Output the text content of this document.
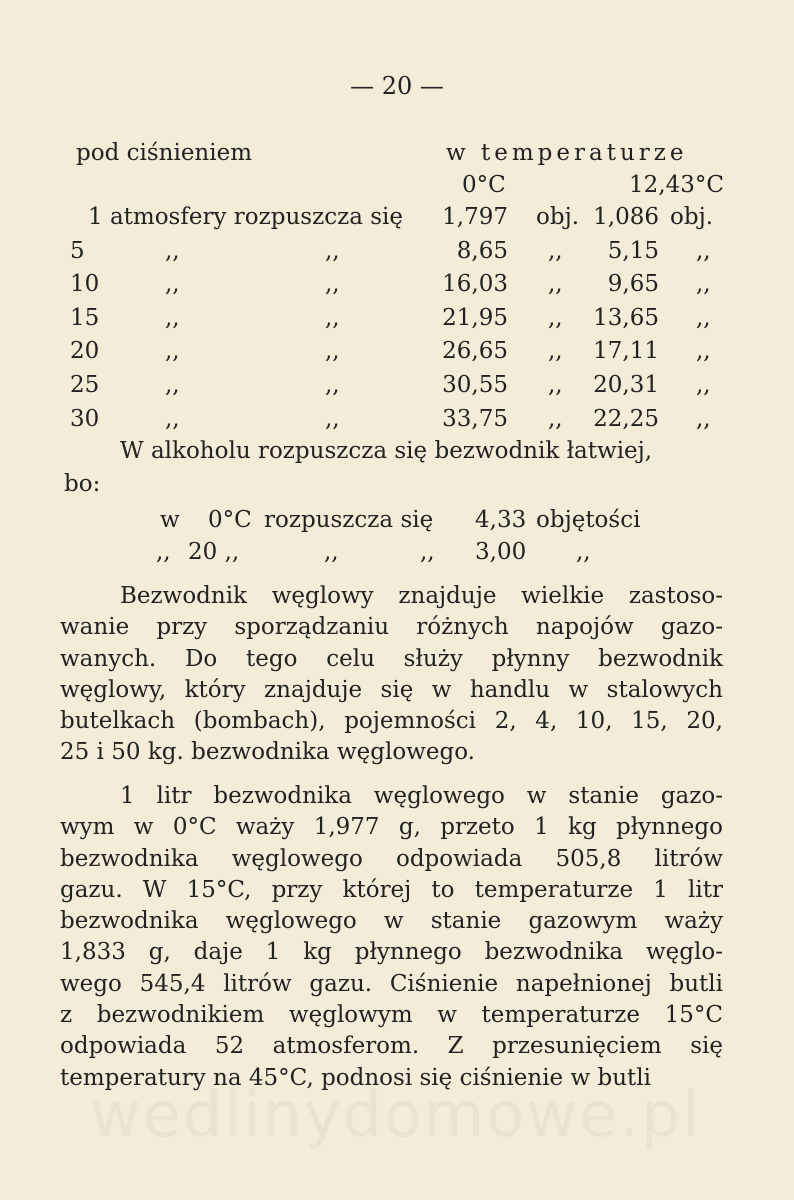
— 20 —
pod ciśnieniem	w temperaturze
0°C	12,43°C
1 atmosfery rozpuszcza się	1,797 obj. 1,086 obj.
5	,,	,,	8,65 ,,	5,15 ,,
10	,,	,,	16,03 ,,	9,65 ,,
15	,,	,,	21,95 ,,	13,65 ,,
20	,,	,,	26,65 ,,	17,11 ,,
25	,,	,,	30,55 ,,	20,31 ,,
30	,,	,,	33,75 ,,	22,25 ,,
W alkoholu rozpuszcza się bezwodnik łatwiej,
bo:
w 0°C rozpuszcza się 4,33 objętości
,, 20 ,,	,,	,, 3,00 ,,
Bezwodnik węglowy znajduje wielkie zastoso-
wanie przy sporządzaniu różnych napojów gazo-
wanych. Do tego celu służy płynny bezwodnik
węglowy, który znajduje się w handlu w stalowych
butelkach (bombach), pojemności 2, 4, 10, 15, 20,
25 i 50 kg. bezwodnika węglowego.
1 litr bezwodnika węglowego w stanie gazo-
wym w 0°C waży 1,977 g, przeto 1 kg płynnego
bezwodnika węglowego odpowiada 505,8 litrów
gazu. W 15°C, przy której to temperaturze 1 litr
bezwodnika węglowego w stanie gazowym waży
1,833 g, daje 1 kg płynnego bezwodnika węglo-
wego 545,4 litrów gazu. Ciśnienie napełnionej butli
z bezwodnikiem węglowym w temperaturze 15°C
odpowiada 52 atmosferom. Z przesunięciem się
temperatury na 45°C, podnosi się ciśnienie w butli
